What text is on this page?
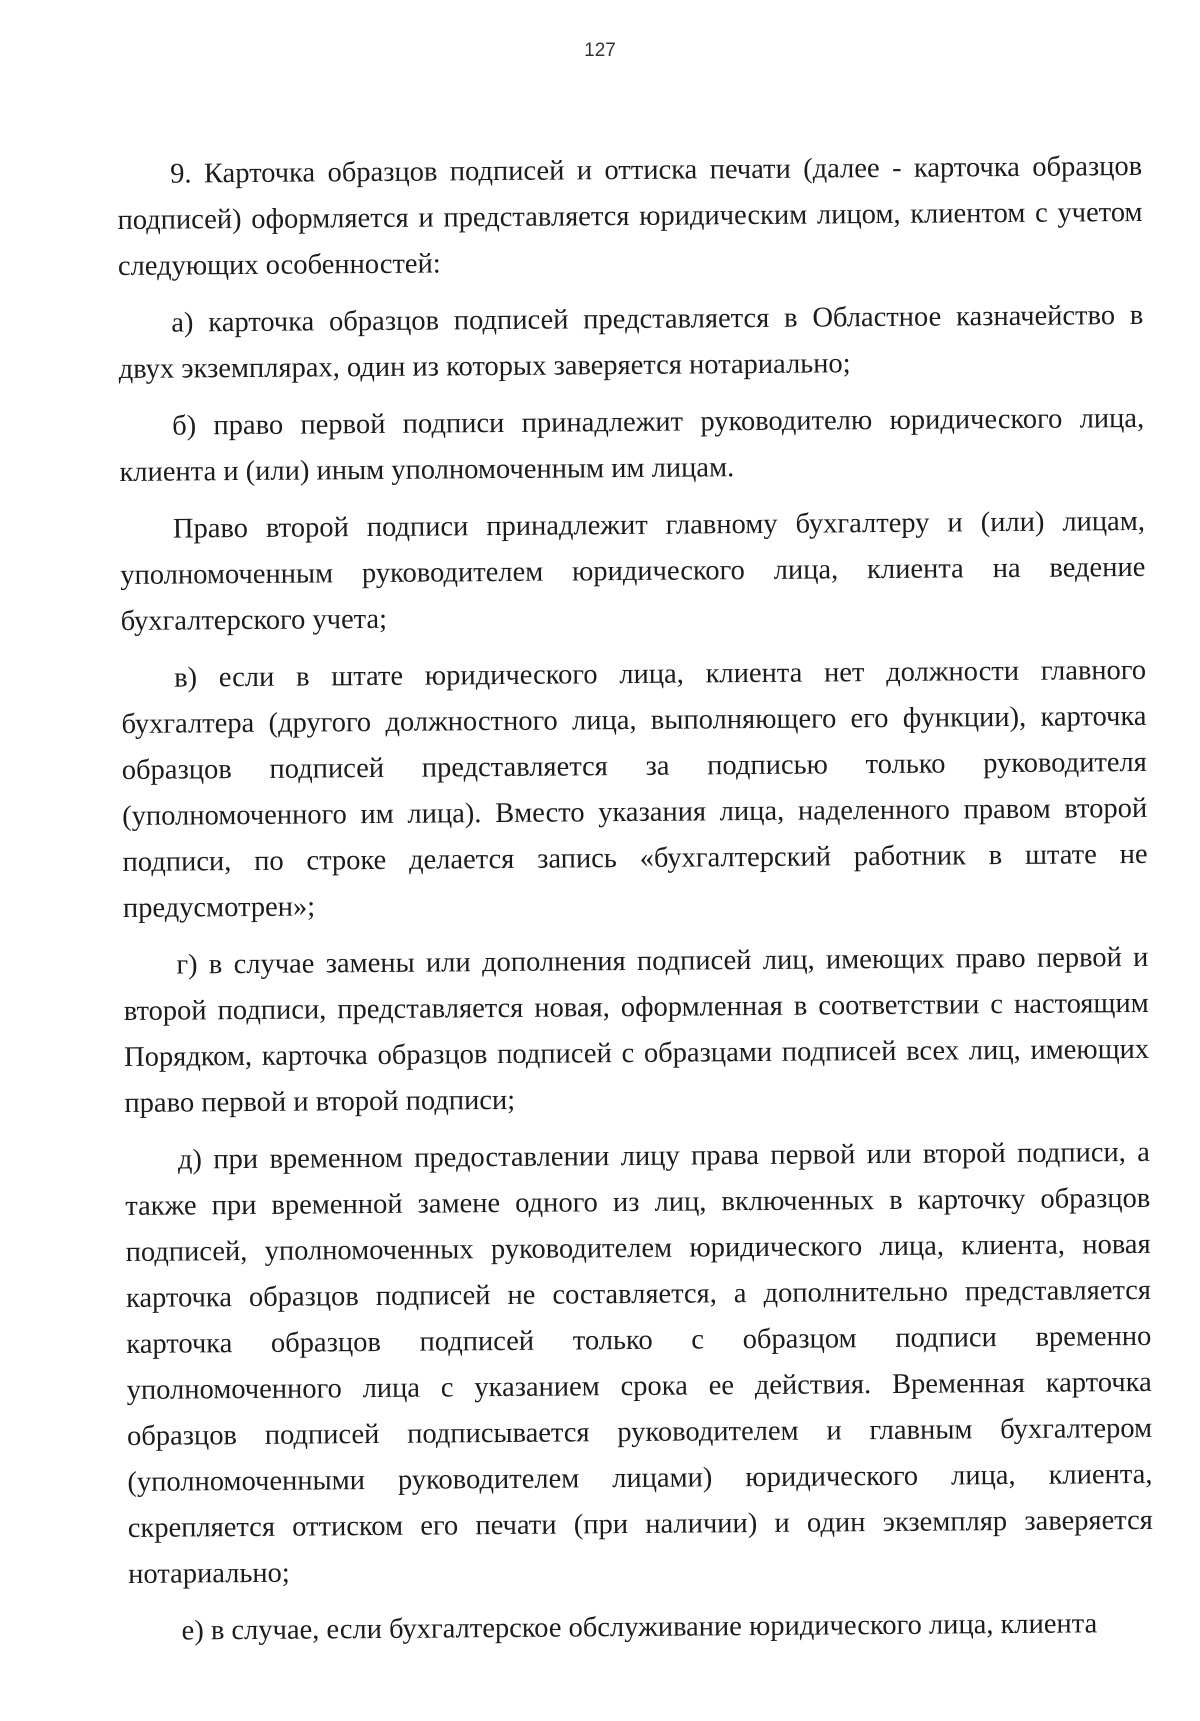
127

9. Карточка образцов подписей и оттиска печати (далее - карточка образцов подписей) оформляется и представляется юридическим лицом, клиентом с учетом следующих особенностей:

а) карточка образцов подписей представляется в Областное казначейство в двух экземплярах, один из которых заверяется нотариально;

б) право первой подписи принадлежит руководителю юридического лица, клиента и (или) иным уполномоченным им лицам.

Право второй подписи принадлежит главному бухгалтеру и (или) лицам, уполномоченным руководителем юридического лица, клиента на ведение бухгалтерского учета;

в) если в штате юридического лица, клиента нет должности главного бухгалтера (другого должностного лица, выполняющего его функции), карточка образцов подписей представляется за подписью только руководителя (уполномоченного им лица). Вместо указания лица, наделенного правом второй подписи, по строке делается запись «бухгалтерский работник в штате не предусмотрен»;

г) в случае замены или дополнения подписей лиц, имеющих право первой и второй подписи, представляется новая, оформленная в соответствии с настоящим Порядком, карточка образцов подписей с образцами подписей всех лиц, имеющих право первой и второй подписи;

д) при временном предоставлении лицу права первой или второй подписи, а также при временной замене одного из лиц, включенных в карточку образцов подписей, уполномоченных руководителем юридического лица, клиента, новая карточка образцов подписей не составляется, а дополнительно представляется карточка образцов подписей только с образцом подписи временно уполномоченного лица с указанием срока ее действия. Временная карточка образцов подписей подписывается руководителем и главным бухгалтером (уполномоченными руководителем лицами) юридического лица, клиента, скрепляется оттиском его печати (при наличии) и один экземпляр заверяется нотариально;

е) в случае, если бухгалтерское обслуживание юридического лица, клиента
